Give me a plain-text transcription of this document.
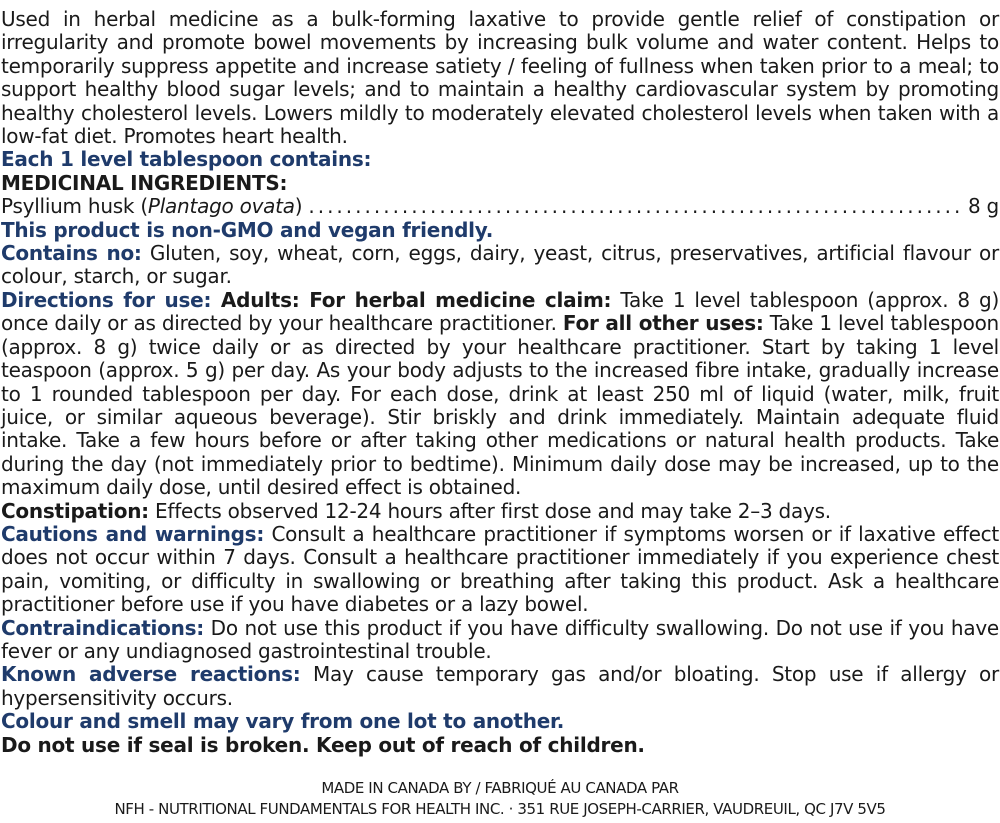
Used in herbal medicine as a bulk-forming laxative to provide gentle relief of constipation or irregularity and promote bowel movements by increasing bulk volume and water content. Helps to temporarily suppress appetite and increase satiety / feeling of fullness when taken prior to a meal; to support healthy blood sugar levels; and to maintain a healthy cardiovascular system by promoting healthy cholesterol levels. Lowers mildly to moderately elevated cholesterol levels when taken with a low-fat diet. Promotes heart health.

Each 1 level tablespoon contains:

MEDICINAL INGREDIENTS:

Psyllium husk (Plantago ovata)
.....	8 g

This product is non-GMO and vegan friendly.

Contains no: Gluten, soy, wheat, corn, eggs, dairy, yeast, citrus, preservatives, artificial flavour or colour, starch, or sugar.

Directions for use: Adults: For herbal medicine claim: Take 1 level tablespoon (approx. 8 g) once daily or as directed by your healthcare practitioner. For all other uses: Take 1 level tablespoon (approx. 8 g) twice daily or as directed by your healthcare practitioner. Start by taking 1 level teaspoon (approx. 5 g) per day. As your body adjusts to the increased fibre intake, gradually increase to 1 rounded tablespoon per day. For each dose, drink at least 250 ml of liquid (water, milk, fruit juice, or similar aqueous beverage). Stir briskly and drink immediately. Maintain adequate fluid intake. Take a few hours before or after taking other medications or natural health products. Take during the day (not immediately prior to bedtime). Minimum daily dose may be increased, up to the maximum daily dose, until desired effect is obtained.

Constipation: Effects observed 12-24 hours after first dose and may take 2–3 days.

Cautions and warnings: Consult a healthcare practitioner if symptoms worsen or if laxative effect does not occur within 7 days. Consult a healthcare practitioner immediately if you experience chest pain, vomiting, or difficulty in swallowing or breathing after taking this product. Ask a healthcare practitioner before use if you have diabetes or a lazy bowel.

Contraindications: Do not use this product if you have difficulty swallowing. Do not use if you have fever or any undiagnosed gastrointestinal trouble.

Known adverse reactions: May cause temporary gas and/or bloating. Stop use if allergy or hypersensitivity occurs.

Colour and smell may vary from one lot to another.

Do not use if seal is broken. Keep out of reach of children.

MADE IN CANADA BY / FABRIQUÉ AU CANADA PAR
NFH - NUTRITIONAL FUNDAMENTALS FOR HEALTH INC. · 351 RUE JOSEPH-CARRIER, VAUDREUIL, QC J7V 5V5
